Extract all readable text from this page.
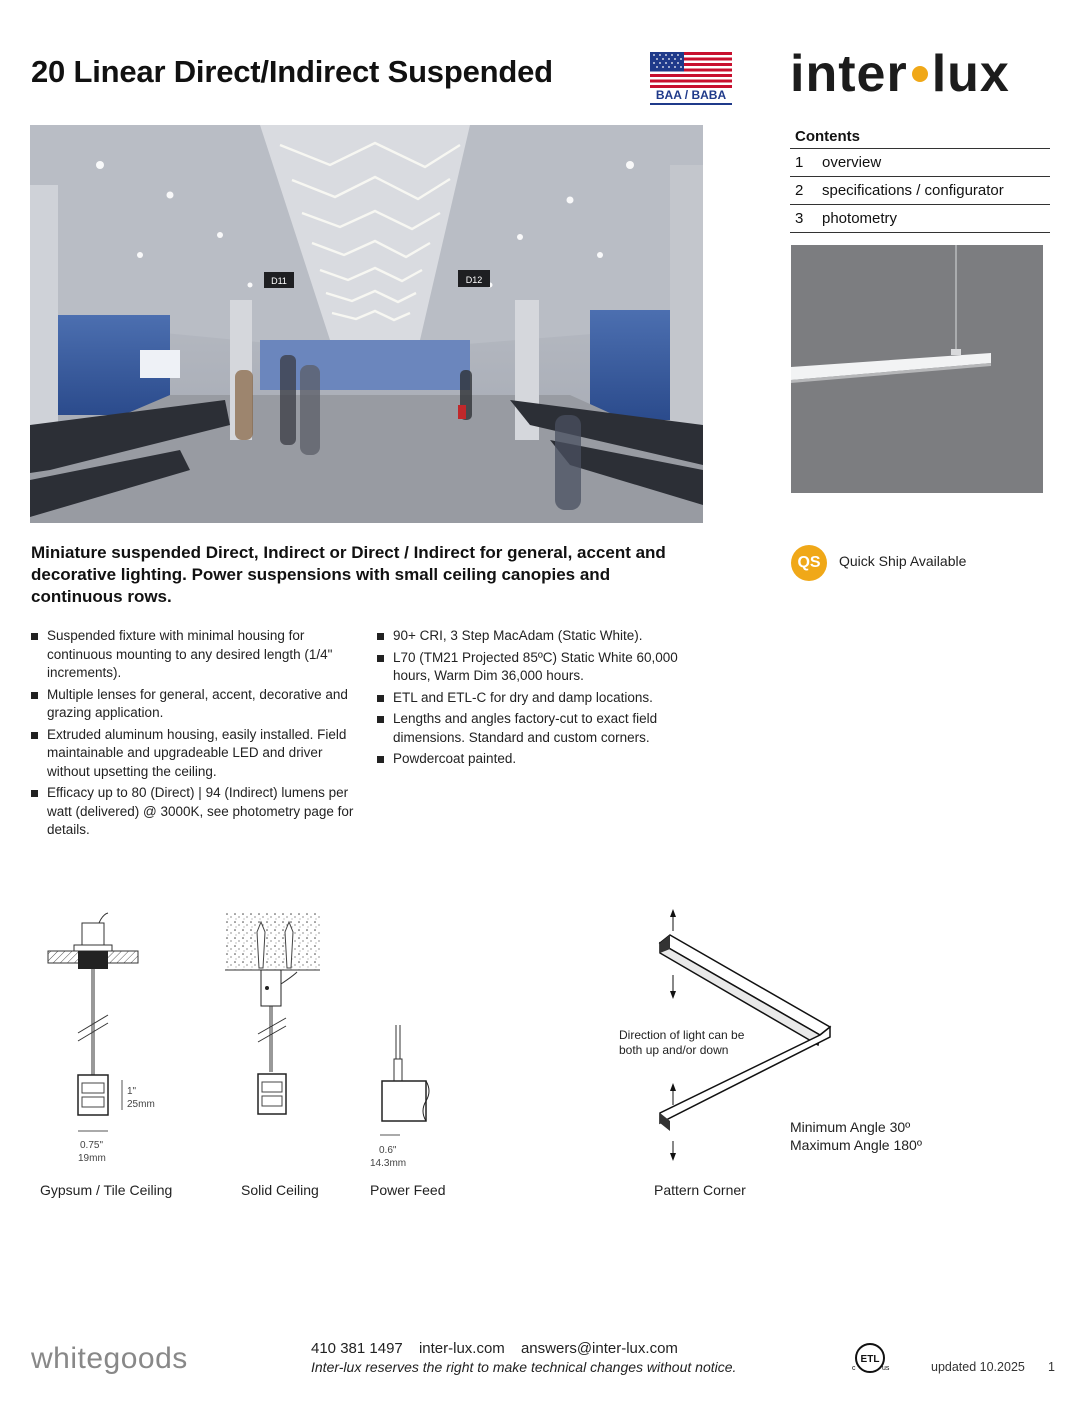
20 Linear Direct/Indirect Suspended
BAA / BABA inter lux
D11	D12
Contents
1	overview
2	specifications / configurator
3	photometry
QS	Quick Ship Available
Miniature suspended Direct, Indirect or Direct / Indirect for general, accent and decorative lighting. Power suspensions with small ceiling canopies and continuous rows.
Suspended fixture with minimal housing for continuous mounting to any desired length (1/4" increments).
Multiple lenses for general, accent, decorative and grazing application.
Extruded aluminum housing, easily installed. Field maintainable and upgradeable LED and driver without upsetting the ceiling.
Efficacy up to 80 (Direct) | 94 (Indirect) lumens per watt (delivered) @ 3000K, see photometry page for details.
90+ CRI, 3 Step MacAdam (Static White).
L70 (TM21 Projected 85ºC) Static White 60,000 hours, Warm Dim 36,000 hours.
ETL and ETL-C for dry and damp locations.
Lengths and angles factory-cut to exact field dimensions. Standard and custom corners.
Powdercoat painted.
1"
25mm
0.75"
19mm
Gypsum / Tile Ceiling	Solid Ceiling
0.6"
14.3mm
Power Feed
Direction of light can be
both up and/or down
Minimum Angle 30º
Maximum Angle 180º
Pattern Corner
whitegoods	410 381 1497 inter-lux.com answers@inter-lux.com
Inter-lux reserves the right to make technical changes without notice.	ETL
c	us	updated 10.2025 1
